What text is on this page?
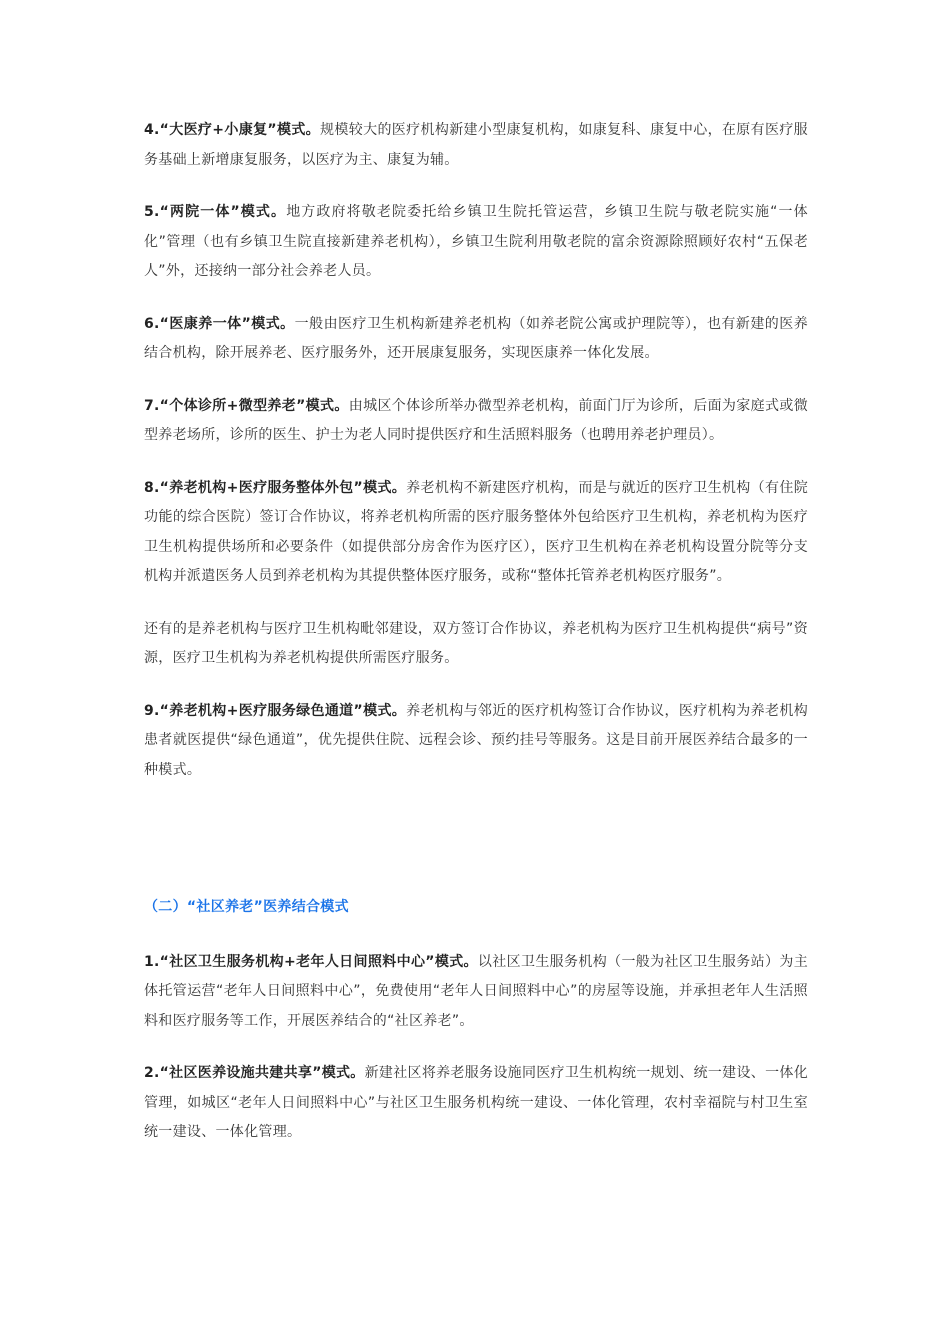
4.“大医疗+小康复”模式。规模较大的医疗机构新建小型康复机构，如康复科、康复中心，在原有医疗服务基础上新增康复服务，以医疗为主、康复为辅。

5.“两院一体”模式。地方政府将敬老院委托给乡镇卫生院托管运营，乡镇卫生院与敬老院实施“一体化”管理（也有乡镇卫生院直接新建养老机构），乡镇卫生院利用敬老院的富余资源除照顾好农村“五保老人”外，还接纳一部分社会养老人员。

6.“医康养一体”模式。一般由医疗卫生机构新建养老机构（如养老院公寓或护理院等），也有新建的医养结合机构，除开展养老、医疗服务外，还开展康复服务，实现医康养一体化发展。

7.“个体诊所+微型养老”模式。由城区个体诊所举办微型养老机构，前面门厅为诊所，后面为家庭式或微型养老场所，诊所的医生、护士为老人同时提供医疗和生活照料服务（也聘用养老护理员）。

8.“养老机构+医疗服务整体外包”模式。养老机构不新建医疗机构，而是与就近的医疗卫生机构（有住院功能的综合医院）签订合作协议，将养老机构所需的医疗服务整体外包给医疗卫生机构，养老机构为医疗卫生机构提供场所和必要条件（如提供部分房舍作为医疗区），医疗卫生机构在养老机构设置分院等分支机构并派遣医务人员到养老机构为其提供整体医疗服务，或称“整体托管养老机构医疗服务”。

还有的是养老机构与医疗卫生机构毗邻建设，双方签订合作协议，养老机构为医疗卫生机构提供“病号”资源，医疗卫生机构为养老机构提供所需医疗服务。

9.“养老机构+医疗服务绿色通道”模式。养老机构与邻近的医疗机构签订合作协议，医疗机构为养老机构患者就医提供“绿色通道”，优先提供住院、远程会诊、预约挂号等服务。这是目前开展医养结合最多的一种模式。

（二）“社区养老”医养结合模式

1.“社区卫生服务机构+老年人日间照料中心”模式。以社区卫生服务机构（一般为社区卫生服务站）为主体托管运营“老年人日间照料中心”，免费使用“老年人日间照料中心”的房屋等设施，并承担老年人生活照料和医疗服务等工作，开展医养结合的“社区养老”。

2.“社区医养设施共建共享”模式。新建社区将养老服务设施同医疗卫生机构统一规划、统一建设、一体化管理，如城区“老年人日间照料中心”与社区卫生服务机构统一建设、一体化管理，农村幸福院与村卫生室统一建设、一体化管理。
